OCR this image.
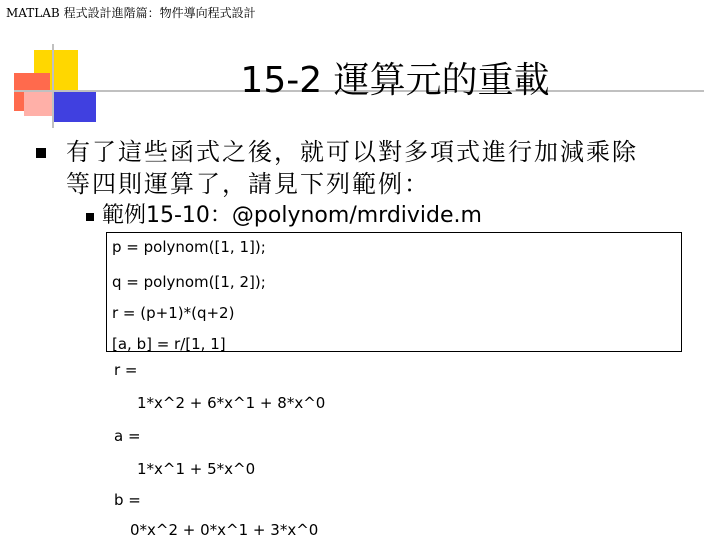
MATLAB 程式設計進階篇：物件導向程式設計
15-2 運算元的重載
有了這些函式之後，就可以對多項式進行加減乘除
等四則運算了，請見下列範例：
範例15-10：@polynom/mrdivide.m
p = polynom([1, 1]);
q = polynom([1, 2]);
r = (p+1)*(q+2)
[a, b] = r/[1, 1]
r =
1*x^2 + 6*x^1 + 8*x^0
a =
1*x^1 + 5*x^0
b =
0*x^2 + 0*x^1 + 3*x^0
